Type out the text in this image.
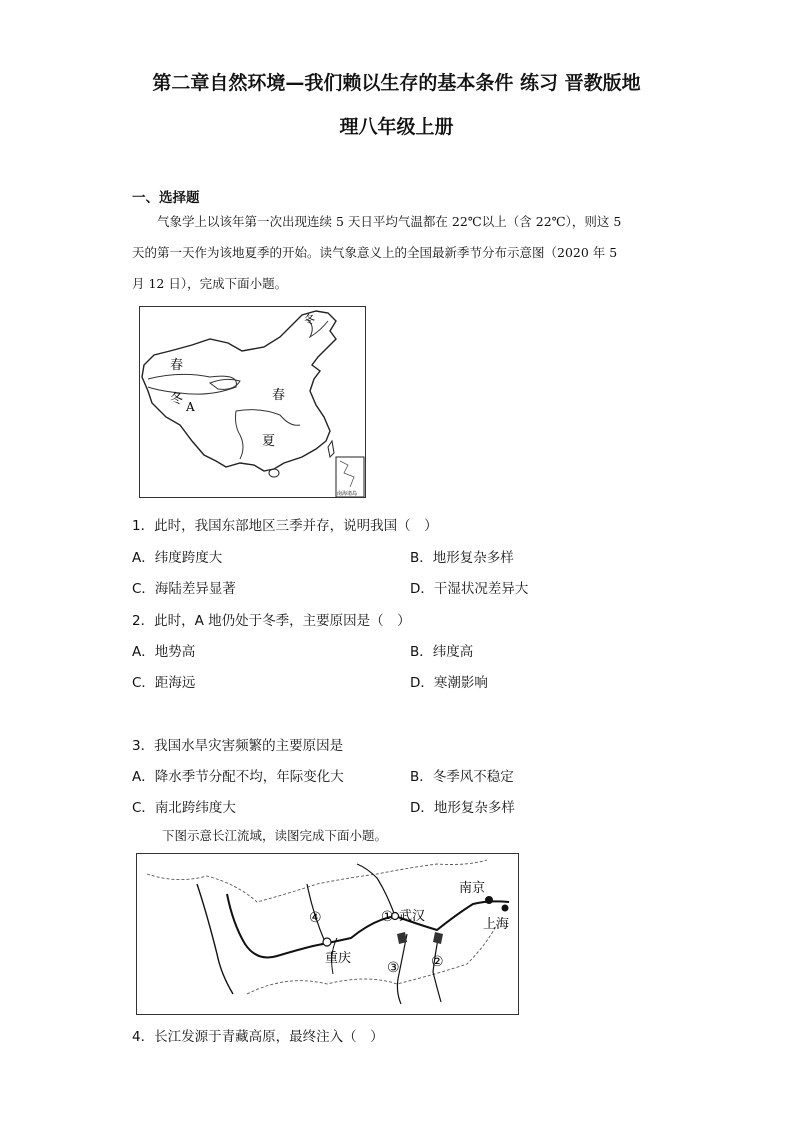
第二章自然环境—我们赖以生存的基本条件 练习 晋教版地
理八年级上册
一、选择题
气象学上以该年第一次出现连续 5 天日平均气温都在 22℃以上（含 22℃），则这 5
天的第一天作为该地夏季的开始。读气象意义上的全国最新季节分布示意图（2020 年 5
月 12 日），完成下面小题。
春
冬 A
春
夏
冬
南海诸岛
1．此时，我国东部地区三季并存，说明我国（　）
A．纬度跨度大	B．地形复杂多样
C．海陆差异显著	D．干湿状况差异大
2．此时，A 地仍处于冬季，主要原因是（　）
A．地势高	B．纬度高
C．距海远	D．寒潮影响
3．我国水旱灾害频繁的主要原因是
A．降水季节分配不均，年际变化大	B．冬季风不稳定
C．南北跨纬度大	D．地形复杂多样
下图示意长江流域，读图完成下面小题。
南京
武汉
上海
重庆
①
②
③
④
4．长江发源于青藏高原，最终注入（　）
